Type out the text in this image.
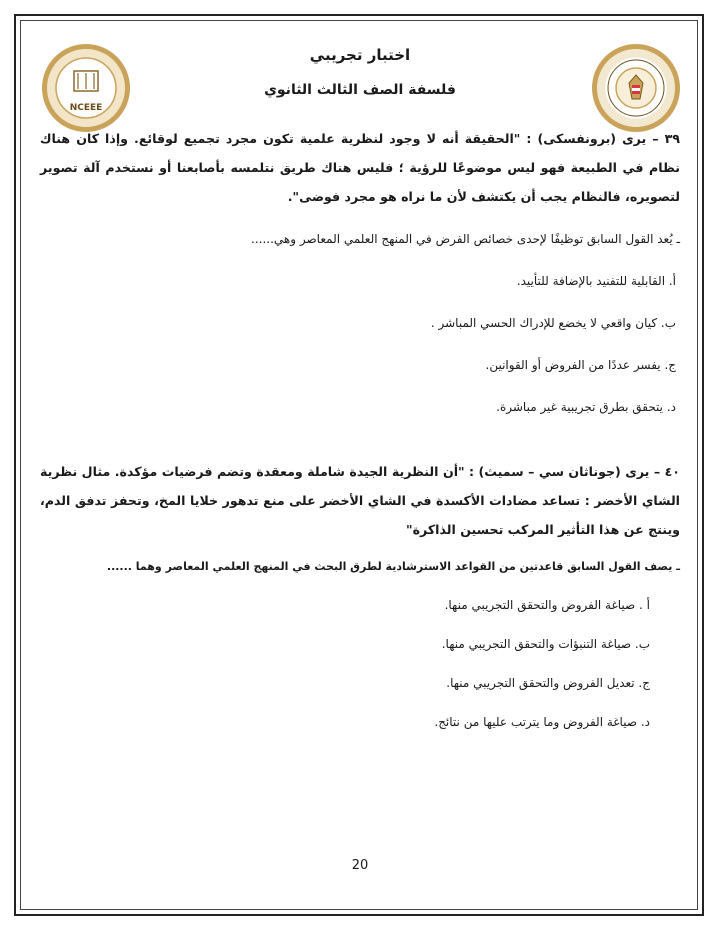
NCEEE
اختبار تجريبي
فلسفة الصف الثالث الثانوي
٣٩ – يرى (برونفسكى) : "الحقيقة أنه لا وجود لنظرية علمية تكون مجرد تجميع لوقائع. وإذا كان هناك نظام في الطبيعة فهو ليس موضوعًا للرؤية ؛ فليس هناك طريق نتلمسه بأصابعنا أو نستخدم آلة تصوير لتصويره، فالنظام يجب أن يكتشف لأن ما نراه هو مجرد فوضى".
ـ يُعد القول السابق توظيفًا لإحدى خصائص الفرض في المنهج العلمي المعاصر وهي......
أ. القابلية للتفنيد بالإضافة للتأييد.
ب. كيان واقعي لا يخضع للإدراك الحسي المباشر .
ج. يفسر عددًا من الفروض أو القوانين.
د. يتحقق بطرق تجريبية غير مباشرة.
٤٠ – يرى (جوناثان سي – سميث) : "أن النظرية الجيدة شاملة ومعقدة وتضم فرضيات مؤكدة. مثال نظرية الشاي الأخضر : تساعد مضادات الأكسدة في الشاي الأخضر على منع تدهور خلايا المخ، وتحفز تدفق الدم، وينتج عن هذا التأثير المركب تحسين الذاكرة"
ـ يصف القول السابق قاعدتين من القواعد الاسترشادية لطرق البحث في المنهج العلمي المعاصر وهما ......
أ . صياغة الفروض والتحقق التجريبي منها.
ب. صياغة التنبؤات والتحقق التجريبي منها.
ج. تعديل الفروض والتحقق التجريبي منها.
د. صياغة الفروض وما يترتب عليها من نتائج.
20
